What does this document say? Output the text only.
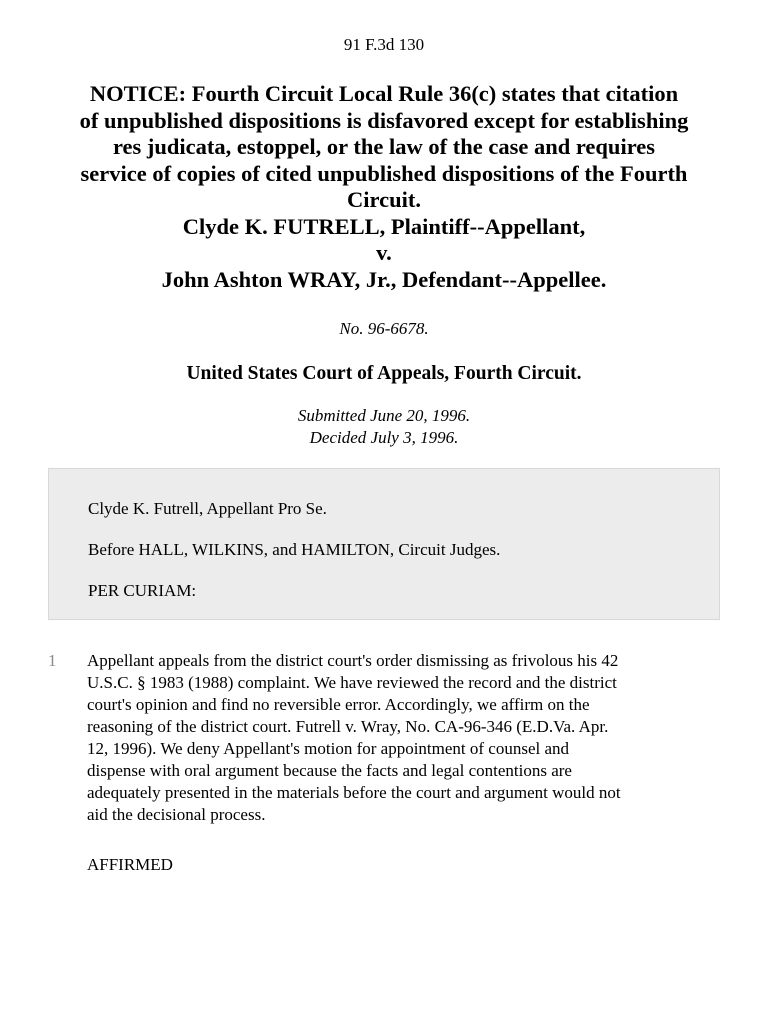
91 F.3d 130
NOTICE: Fourth Circuit Local Rule 36(c) states that citation
of unpublished dispositions is disfavored except for establishing
res judicata, estoppel, or the law of the case and requires
service of copies of cited unpublished dispositions of the Fourth
Circuit.
Clyde K. FUTRELL, Plaintiff--Appellant,
v.
John Ashton WRAY, Jr., Defendant--Appellee.
No. 96-6678.
United States Court of Appeals, Fourth Circuit.
Submitted June 20, 1996.
Decided July 3, 1996.
Clyde K. Futrell, Appellant Pro Se.
Before HALL, WILKINS, and HAMILTON, Circuit Judges.
PER CURIAM:
1 Appellant appeals from the district court's order dismissing as frivolous his 42
U.S.C. § 1983 (1988) complaint. We have reviewed the record and the district
court's opinion and find no reversible error. Accordingly, we affirm on the
reasoning of the district court. Futrell v. Wray, No. CA-96-346 (E.D.Va. Apr.
12, 1996). We deny Appellant's motion for appointment of counsel and
dispense with oral argument because the facts and legal contentions are
adequately presented in the materials before the court and argument would not
aid the decisional process.
AFFIRMED
